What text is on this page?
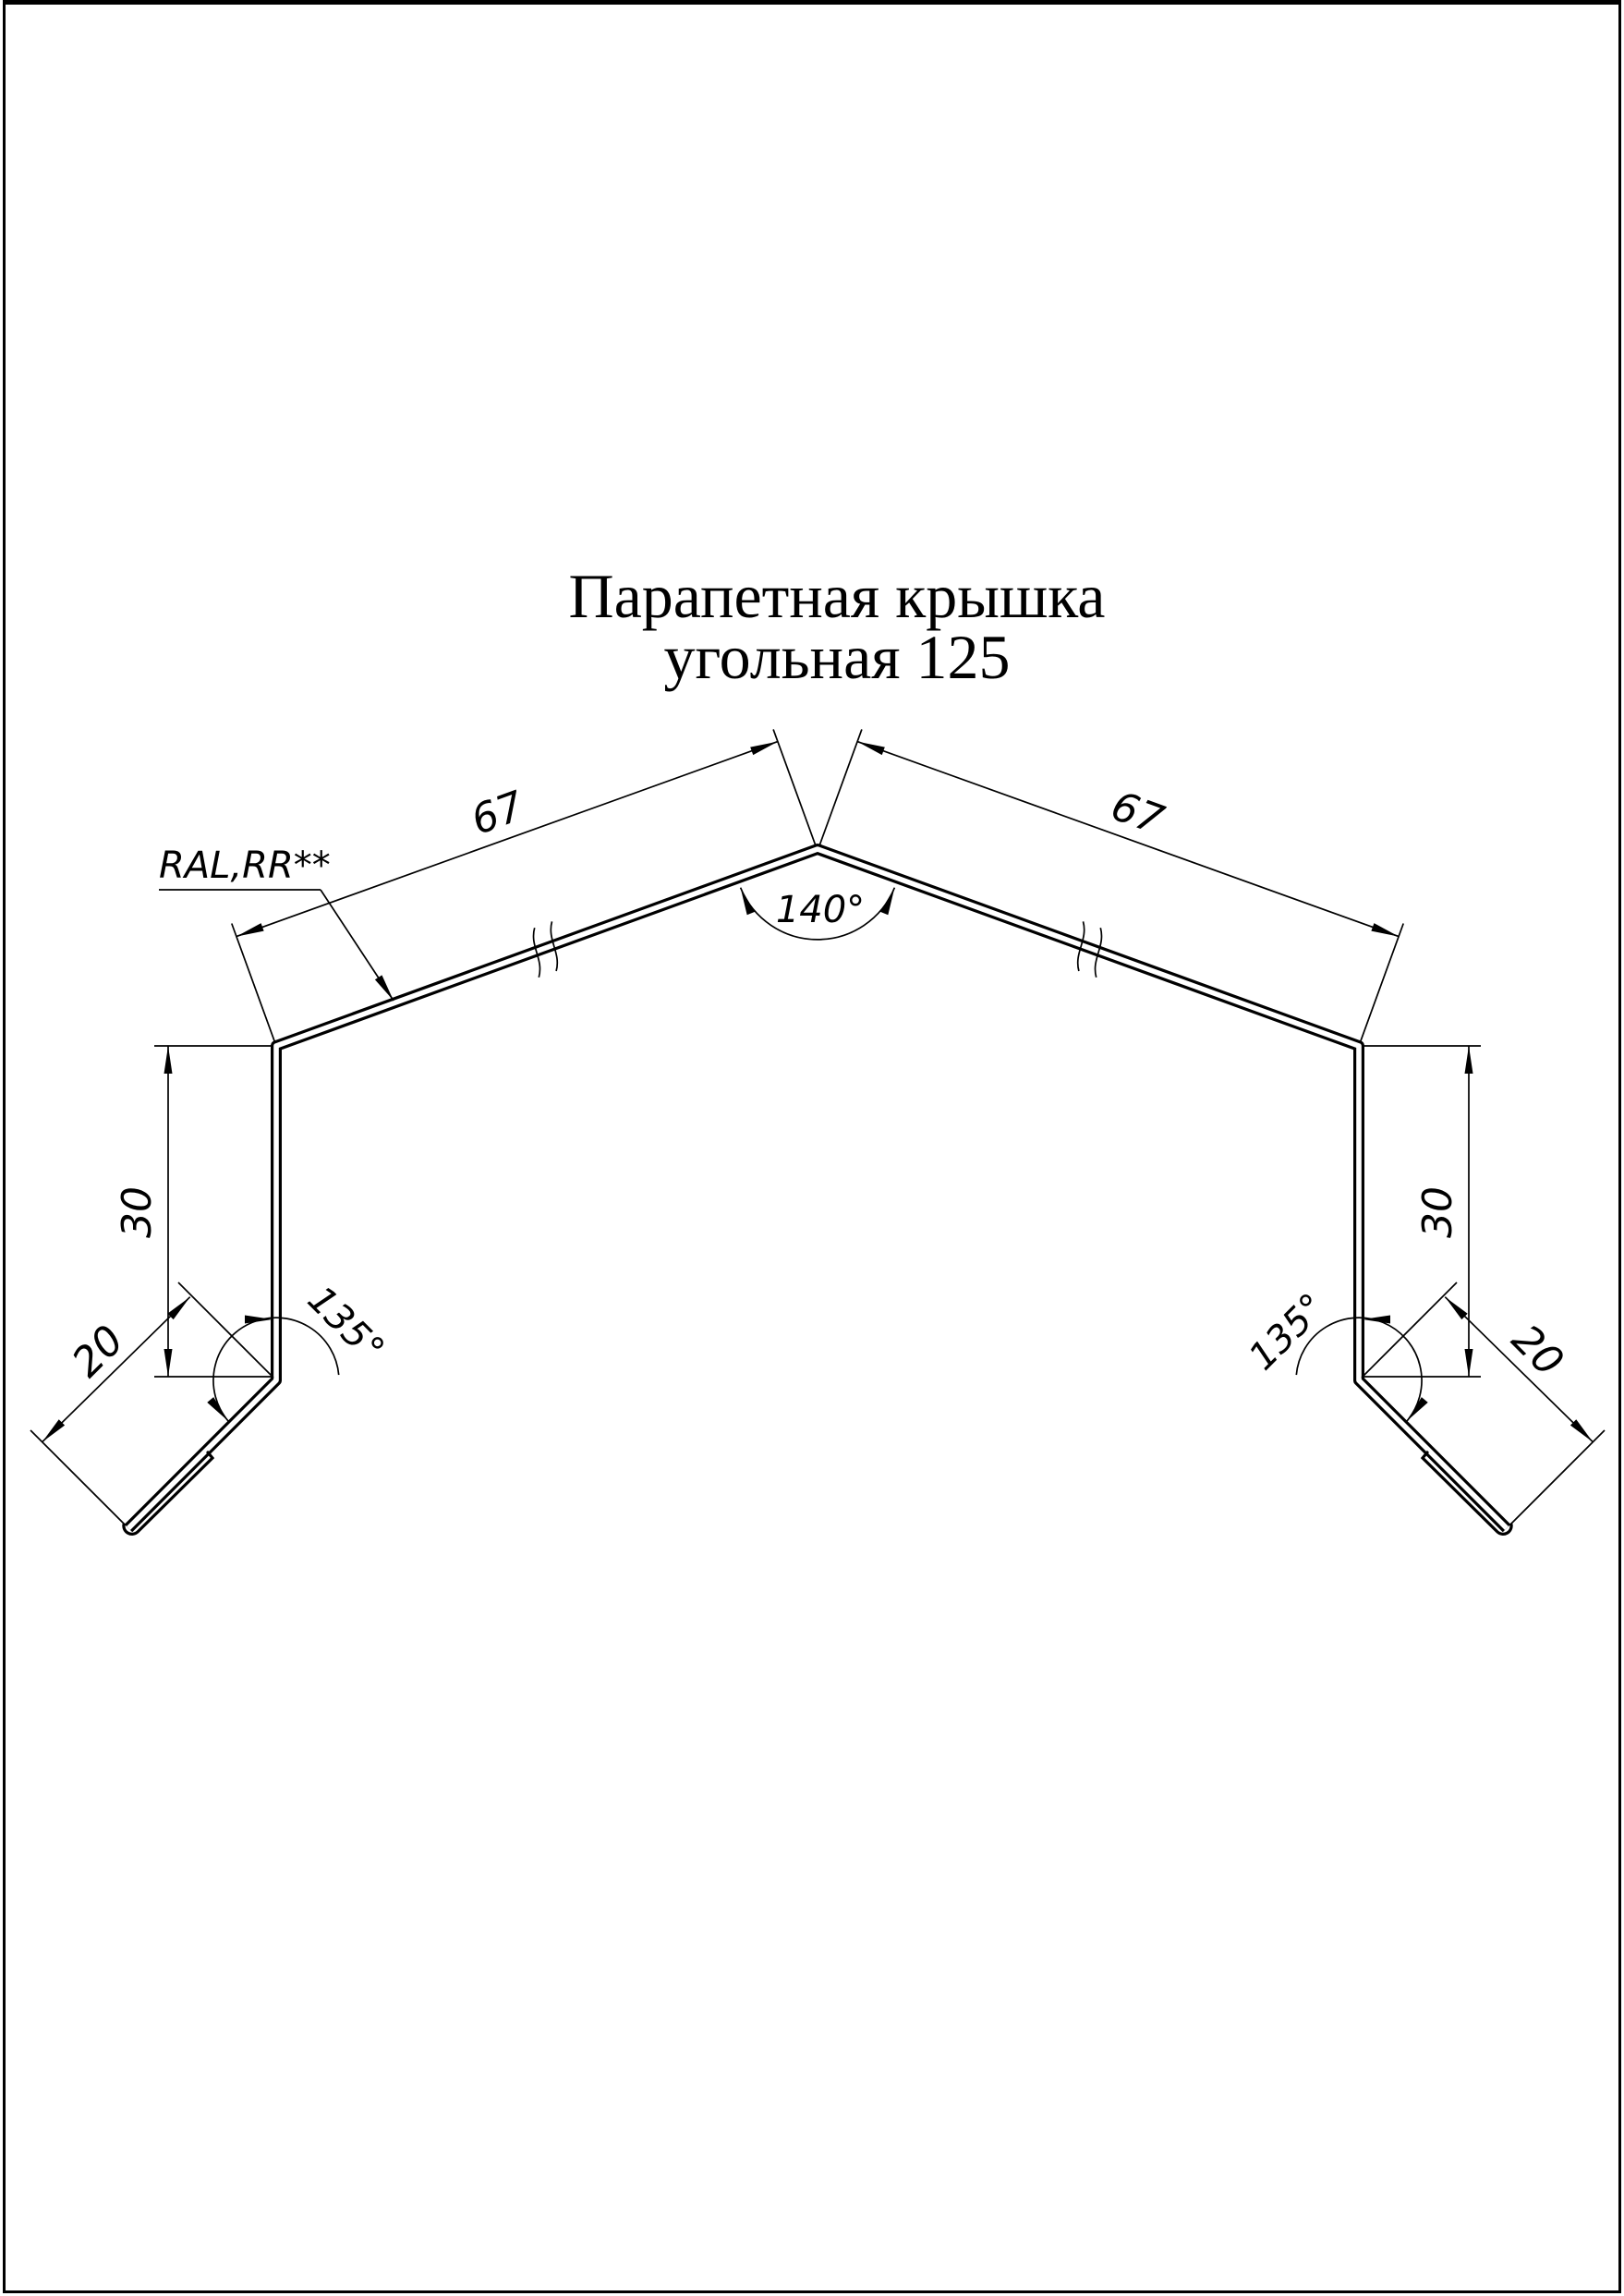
Парапетная крышка
угольная 125
RAL,RR**
67	67
140°
30	30
20	20
135°	135°
